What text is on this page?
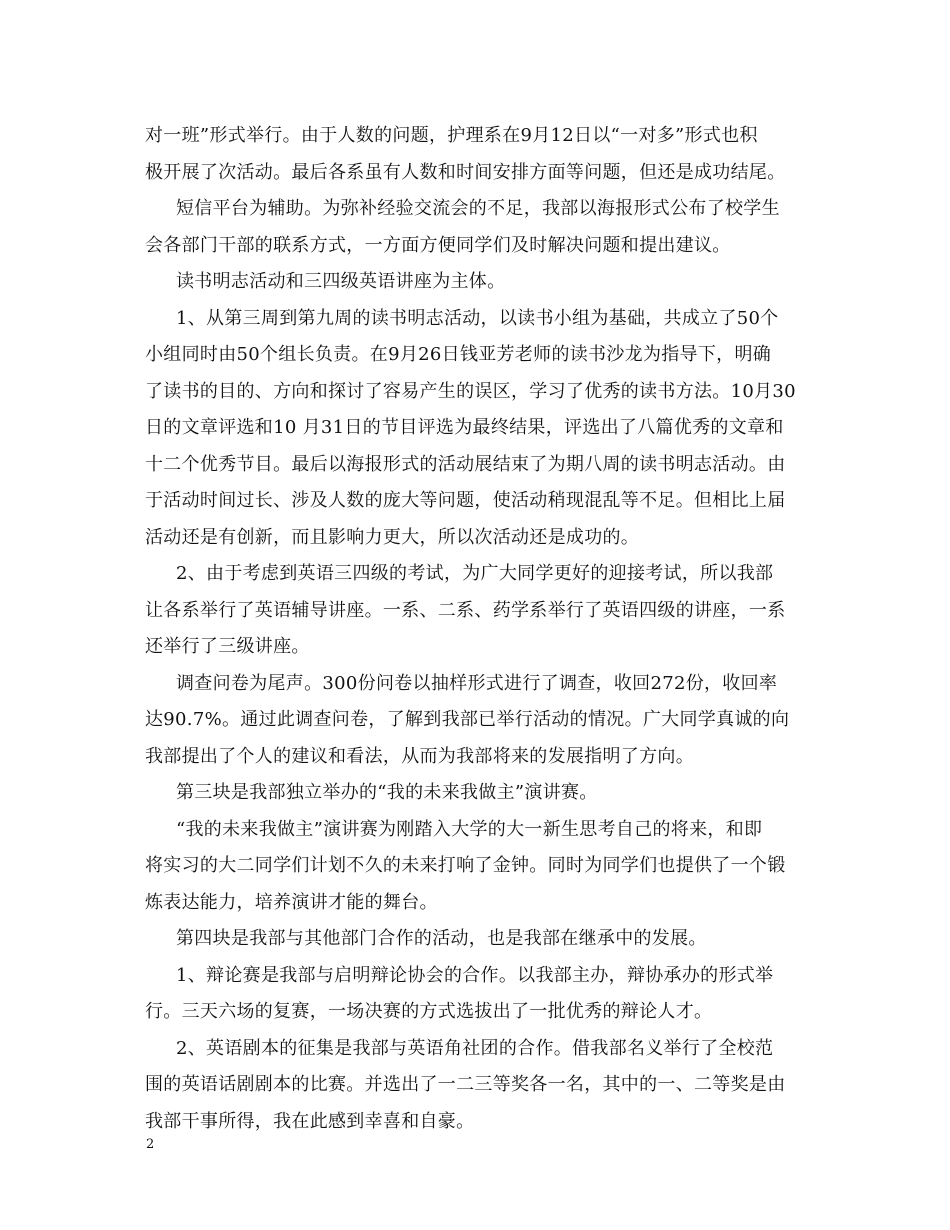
对一班”形式举行。由于人数的问题，护理系在9月12日以“一对多”形式也积
极开展了次活动。最后各系虽有人数和时间安排方面等问题，但还是成功结尾。
短信平台为辅助。为弥补经验交流会的不足，我部以海报形式公布了校学生
会各部门干部的联系方式，一方面方便同学们及时解决问题和提出建议。
读书明志活动和三四级英语讲座为主体。
1、从第三周到第九周的读书明志活动，以读书小组为基础，共成立了50个
小组同时由50个组长负责。在9月26日钱亚芳老师的读书沙龙为指导下，明确
了读书的目的、方向和探讨了容易产生的误区，学习了优秀的读书方法。10月30
日的文章评选和10 月31日的节目评选为最终结果，评选出了八篇优秀的文章和
十二个优秀节目。最后以海报形式的活动展结束了为期八周的读书明志活动。由
于活动时间过长、涉及人数的庞大等问题，使活动稍现混乱等不足。但相比上届
活动还是有创新，而且影响力更大，所以次活动还是成功的。
2、由于考虑到英语三四级的考试，为广大同学更好的迎接考试，所以我部
让各系举行了英语辅导讲座。一系、二系、药学系举行了英语四级的讲座，一系
还举行了三级讲座。
调查问卷为尾声。300份问卷以抽样形式进行了调查，收回272份，收回率
达90.7%。通过此调查问卷，了解到我部已举行活动的情况。广大同学真诚的向
我部提出了个人的建议和看法，从而为我部将来的发展指明了方向。
第三块是我部独立举办的“我的未来我做主”演讲赛。
“我的未来我做主”演讲赛为刚踏入大学的大一新生思考自己的将来，和即
将实习的大二同学们计划不久的未来打响了金钟。同时为同学们也提供了一个锻
炼表达能力，培养演讲才能的舞台。
第四块是我部与其他部门合作的活动，也是我部在继承中的发展。
1、辩论赛是我部与启明辩论协会的合作。以我部主办，辩协承办的形式举
行。三天六场的复赛，一场决赛的方式选拔出了一批优秀的辩论人才。
2、英语剧本的征集是我部与英语角社团的合作。借我部名义举行了全校范
围的英语话剧剧本的比赛。并选出了一二三等奖各一名，其中的一、二等奖是由
我部干事所得，我在此感到幸喜和自豪。
2
